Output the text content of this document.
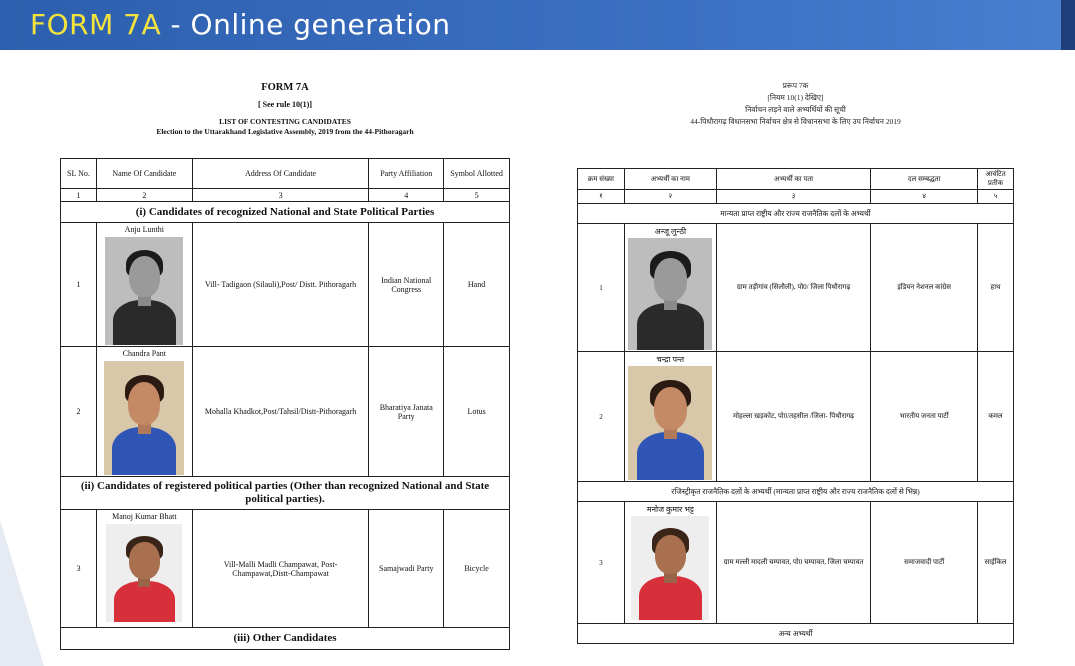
FORM 7A - Online generation
FORM 7A
[ See rule 10(1)]
LIST OF CONTESTING CANDIDATES
Election to the Uttarakhand Legislative Assembly, 2019 from the 44-Pithoragarh
SL No.	Name Of Candidate	Address Of Candidate	Party Affiliation	Symbol Allotted
1	2	3	4	5
(i) Candidates of recognized National and State Political Parties				
1	Anju Lunthi	Vill- Tadigaon (Silauli),Post/ Distt. Pithoragarh	Indian National Congress	Hand
2	Chandra Pant	Mohalla Khadkot,Post/Tahsil/Distt-Pithoragarh	Bharatiya Janata Party	Lotus
(ii) Candidates of registered political parties (Other than recognized National and State political parties).				
3	Manoj Kumar Bhatt	Vill-Malli Madli Champawat, Post-Champawat,Distt-Champawat	Samajwadi Party	Bicycle
(iii) Other Candidates				
प्ररूप 7क
[नियम 10(1) देखिए]
निर्वाचन लड़ने वाले अभ्यर्थियों की सूची
44-पिथौरागढ़ विधानसभा निर्वाचन क्षेत्र से विधानसभा के लिए उप निर्वाचन 2019
क्रम संख्या	अभ्यर्थी का नाम	अभ्यर्थी का पता	दल सम्बद्धता	आवंटित प्रतीक
१	२	३	४	५
मान्यता प्राप्त राष्ट्रीय और राज्य राजनैतिक दलों के अभ्यर्थी				
1	अन्जू लुन्ठी	ग्राम तड़ीगांव (सिलौली), पो0/ जिला पिथौरागढ़	इंडियन नेशनल कांग्रेस	हाथ
2	चन्द्रा पन्त	मोहल्ला खड़कोट, पो0/तहसील /जिला- पिथौरागढ़	भारतीय जनता पार्टी	कमल
रजिस्ट्रीकृत राजनैतिक दलों के अभ्यर्थी (मान्यता प्राप्त राष्ट्रीय और राज्य राजनैतिक दलों से भिन्न)				
3	मनोज कुमार भट्ट	ग्राम मल्ली मादली चम्पावत, पो0 चम्पावत, जिला चम्पावत	समाजवादी पार्टी	साईकिल
अन्य अभ्यर्थी				
